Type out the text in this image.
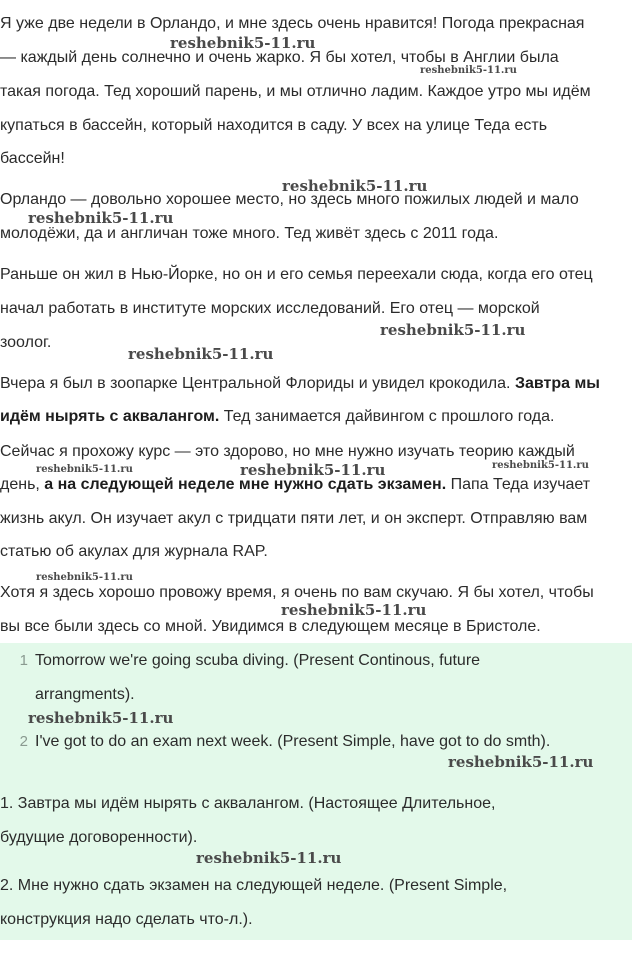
Я уже две недели в Орландо, и мне здесь очень нравится! Погода прекрасная

— каждый день солнечно и очень жарко. Я бы хотел, чтобы в Англии была

такая погода. Тед хороший парень, и мы отлично ладим. Каждое утро мы идём

купаться в бассейн, который находится в саду. У всех на улице Теда есть

бассейн!

Орландо — довольно хорошее место, но здесь много пожилых людей и мало

молодёжи, да и англичан тоже много. Тед живёт здесь с 2011 года.

Раньше он жил в Нью-Йорке, но он и его семья переехали сюда, когда его отец

начал работать в институте морских исследований. Его отец — морской

зоолог.

Вчера я был в зоопарке Центральной Флориды и увидел крокодила. Завтра мы

идём нырять с аквалангом. Тед занимается дайвингом с прошлого года.

Сейчас я прохожу курс — это здорово, но мне нужно изучать теорию каждый

день, а на следующей неделе мне нужно сдать экзамен. Папа Теда изучает

жизнь акул. Он изучает акул с тридцати пяти лет, и он эксперт. Отправляю вам

статью об акулах для журнала RAP.

Хотя я здесь хорошо провожу время, я очень по вам скучаю. Я бы хотел, чтобы

вы все были здесь со мной. Увидимся в следующем месяце в Бристоле.

1 Tomorrow we're going scuba diving. (Present Continous, future

arrangments).

2 I've got to do an exam next week. (Present Simple, have got to do smth).

1. Завтра мы идём нырять с аквалангом. (Настоящее Длительное,

будущие договоренности).

2. Мне нужно сдать экзамен на следующей неделе. (Present Simple,

конструкция надо сделать что-л.).

reshebnik5-11.ru
reshebnik5-11.ru
reshebnik5-11.ru
reshebnik5-11.ru
reshebnik5-11.ru
reshebnik5-11.ru
reshebnik5-11.ru	reshebnik5-11.ru	reshebnik5-11.ru
reshebnik5-11.ru
reshebnik5-11.ru
reshebnik5-11.ru
reshebnik5-11.ru
reshebnik5-11.ru
